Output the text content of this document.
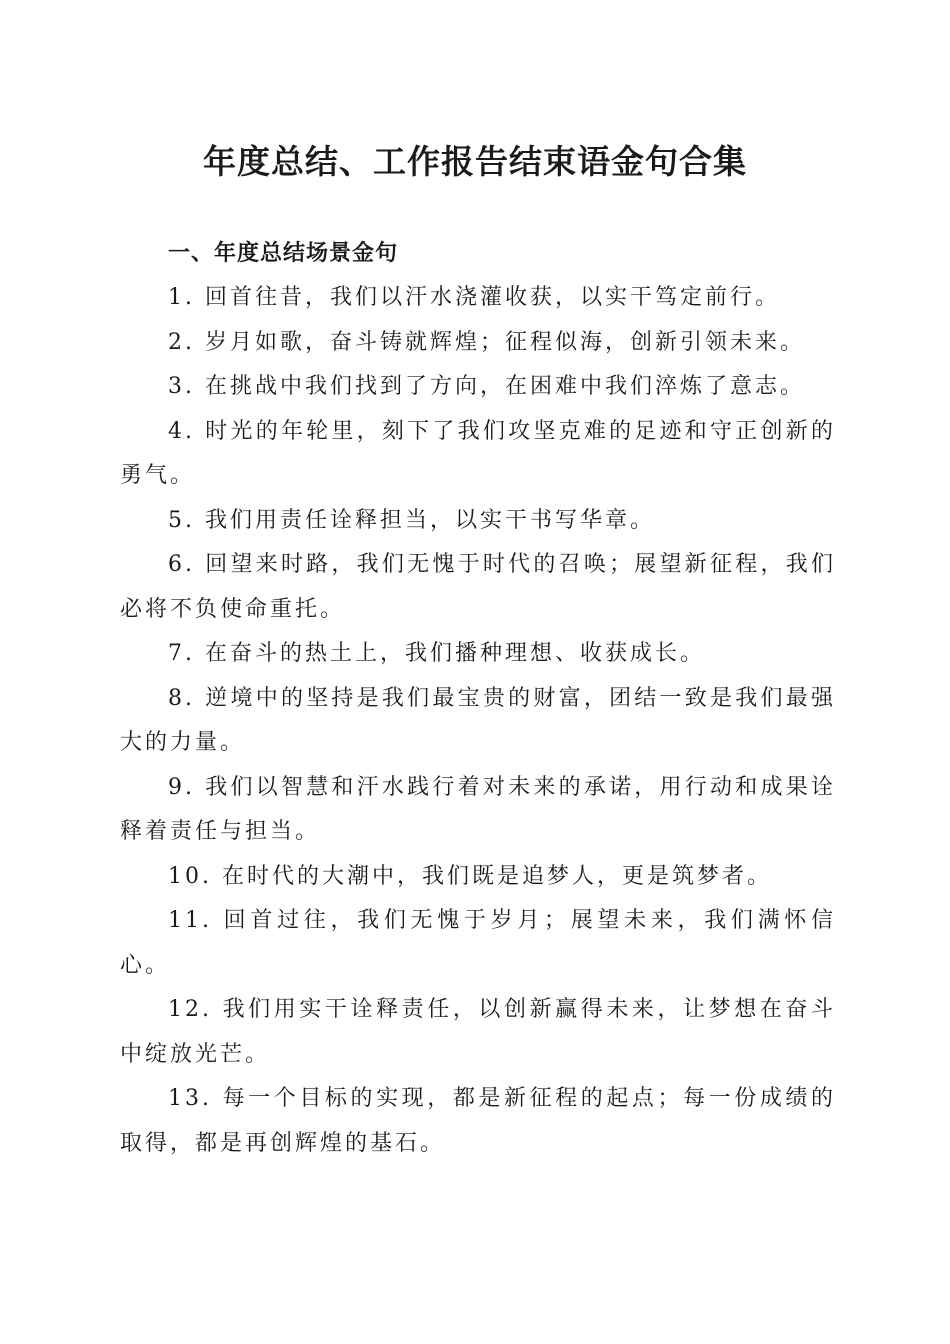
年度总结、工作报告结束语金句合集

一、年度总结场景金句

1. 回首往昔，我们以汗水浇灌收获，以实干笃定前行。

2. 岁月如歌，奋斗铸就辉煌；征程似海，创新引领未来。

3. 在挑战中我们找到了方向，在困难中我们淬炼了意志。

4. 时光的年轮里，刻下了我们攻坚克难的足迹和守正创新的勇气。

5. 我们用责任诠释担当，以实干书写华章。

6. 回望来时路，我们无愧于时代的召唤；展望新征程，我们必将不负使命重托。

7. 在奋斗的热土上，我们播种理想、收获成长。

8. 逆境中的坚持是我们最宝贵的财富，团结一致是我们最强大的力量。

9. 我们以智慧和汗水践行着对未来的承诺，用行动和成果诠释着责任与担当。

10. 在时代的大潮中，我们既是追梦人，更是筑梦者。

11. 回首过往，我们无愧于岁月；展望未来，我们满怀信心。

12. 我们用实干诠释责任，以创新赢得未来，让梦想在奋斗中绽放光芒。

13. 每一个目标的实现，都是新征程的起点；每一份成绩的取得，都是再创辉煌的基石。
